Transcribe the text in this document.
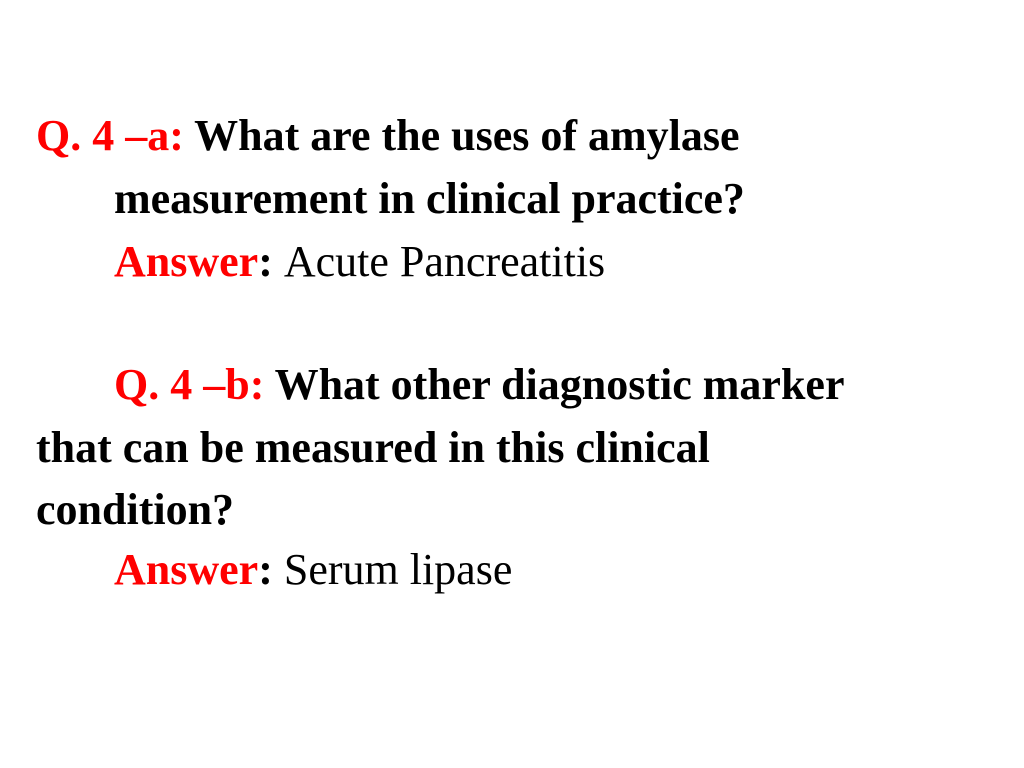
Q. 4 –a: What are the uses of amylase
measurement in clinical practice?
Answer: Acute Pancreatitis
Q. 4 –b: What other diagnostic marker
that can be measured in this clinical
condition?
Answer: Serum lipase
